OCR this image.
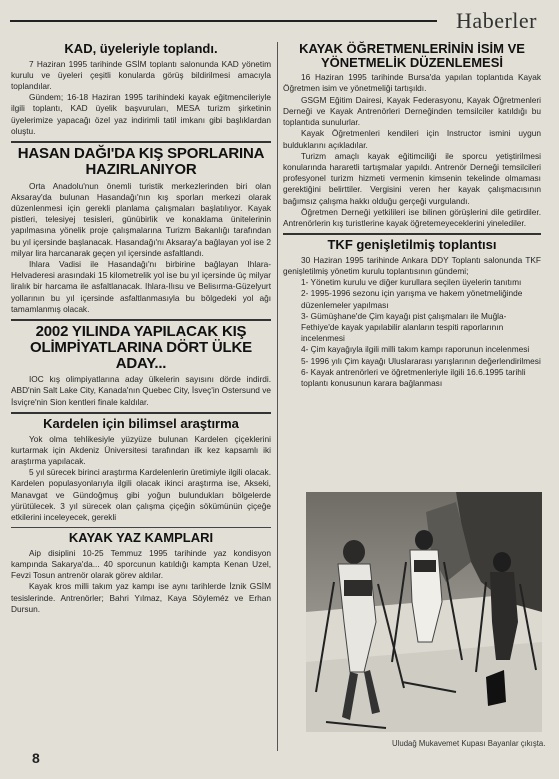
Haberler
KAD, üyeleriyle toplandı.

7 Haziran 1995 tarihinde GSİM toplantı salonunda KAD yönetim kurulu ve üyeleri çeşitli konularda görüş bildirilmesi amacıyla toplandılar.

Gündem; 16-18 Haziran 1995 tarihindeki kayak eğitmencileriyle ilgili toplantı, KAD üyelik başvuruları, MESA turizm şirketinin üyelerimize yapacağı özel yaz indirimli tatil imkanı gibi başlıklardan oluştu.

HASAN DAĞI'DA KIŞ SPORLARINA HAZIRLANIYOR

Orta Anadolu'nun önemli turistik merkezlerinden biri olan Aksaray'da bulunan Hasandağı'nın kış sporları merkezi olarak düzenlenmesi için gerekli planlama çalışmaları başlatılıyor. Kayak pistleri, telesiyej tesisleri, günübirlik ve konaklama ünitelerinin yapılmasına yönelik proje çalışmalarına Turizm Bakanlığı tarafından bu yıl içersinde başlanacak. Hasandağı'nı Aksaray'a bağlayan yol ise 2 milyar lira harcanarak geçen yıl içersinde asfaltlandı.

Ihlara Vadisi ile Hasandağı'nı birbirine bağlayan Ihlara-Helvaderesi arasındaki 15 kilometrelik yol ise bu yıl içersinde üç milyar liralık bir harcama ile asfaltlanacak. Ihlara-Ilısu ve Belisırma-Güzelyurt yollarının bu yıl içersinde asfaltlanmasıyla bu bölgedeki yol ağı tamamlanmış olacak.

2002 YILINDA YAPILACAK KIŞ OLİMPİYATLARINA DÖRT ÜLKE ADAY...

IOC kış olimpiyatlarına aday ülkelerin sayısını dörde indirdi. ABD'nin Salt Lake City, Kanada'nın Quebec City, İsveç'in Ostersund ve İsviçre'nin Sion kentleri finale kaldılar.

Kardelen için bilimsel araştırma

Yok olma tehlikesiyle yüzyüze bulunan Kardelen çiçeklerini kurtarmak için Akdeniz Üniversitesi tarafından ilk kez kapsamlı iki araştırma yapılacak.

5 yıl sürecek birinci araştırma Kardelenlerin üretimiyle ilgili olacak. Kardelen populasyonlarıyla ilgili olacak ikinci araştırma ise, Akseki, Manavgat ve Gündoğmuş gibi yoğun bulundukları bölgelerde yürütülecek. 3 yıl sürecek olan çalışma çiçeğin sökümünün çiçeğe etkilerini inceleyecek, gerekli

KAYAK YAZ KAMPLARI

Aip disiplini 10-25 Temmuz 1995 tarihinde yaz kondisyon kampında Sakarya'da... 40 sporcunun katıldığı kampta Kenan Uzel, Fevzi Tosun antrenör olarak görev aldılar.

Kayak kros milli takım yaz kampı ise aynı tarihlerde İznik GSİM tesislerinde. Antrenörler; Bahri Yılmaz, Kaya Söyleméz ve Erhan Dursun.

KAYAK ÖĞRETMENLERİNİN İSİM VE YÖNETMELİK DÜZENLEMESİ

16 Haziran 1995 tarihinde Bursa'da yapılan toplantıda Kayak Öğretmen isim ve yönetmeliği tartışıldı.

GSGM Eğitim Dairesi, Kayak Federasyonu, Kayak Öğretmenleri Derneği ve Kayak Antrenörleri Derneğinden temsilciler katıldığı bu toplantıda sunulurlar.

Kayak Öğretmenleri kendileri için Instructor ismini uygun bulduklarını açıkladılar.

Turizm amaçlı kayak eğitimciliği ile sporcu yetiştirilmesi konularında hararetli tartışmalar yapıldı. Antrenör Derneği temsilcileri profesyonel turizm hizmeti vermenin kimsenin tekelinde olmaması gerektiğini belirttiler. Vergisini veren her kayak çalışmacısının bağımsız çalışma hakkı olduğu gerçeği vurgulandı.

Öğretmen Derneği yetkilileri ise bilinen görüşlerini dile getirdiler. Antrenörlerin kış turistlerine kayak öğretemeyeceklerini yinelediler.

TKF genişletilmiş toplantısı

30 Haziran 1995 tarihinde Ankara DDY Toplantı salonunda TKF genişletilmiş yönetim kurulu toplantısının gündemi;

1- Yönetim kurulu ve diğer kurullara seçilen üyelerin tanıtımı

2- 1995-1996 sezonu için yarışma ve hakem yönetmeliğinde düzenlemeler yapılması

3- Gümüşhane'de Çim kayağı pist çalışmaları ile Muğla-Fethiye'de kayak yapılabilir alanların tespiti raporlarının incelenmesi

4- Çim kayağıyla ilgili milli takım kampı raporunun incelenmesi

5- 1996 yılı Çim kayağı Uluslararası yarışlarının değerlendirilmesi

6- Kayak antrenörleri ve öğretmenleriyle ilgili 16.6.1995 tarihli toplantı konusunun karara bağlanması

Uludağ Mukavemet Kupası Bayanlar çıkışta.
8
